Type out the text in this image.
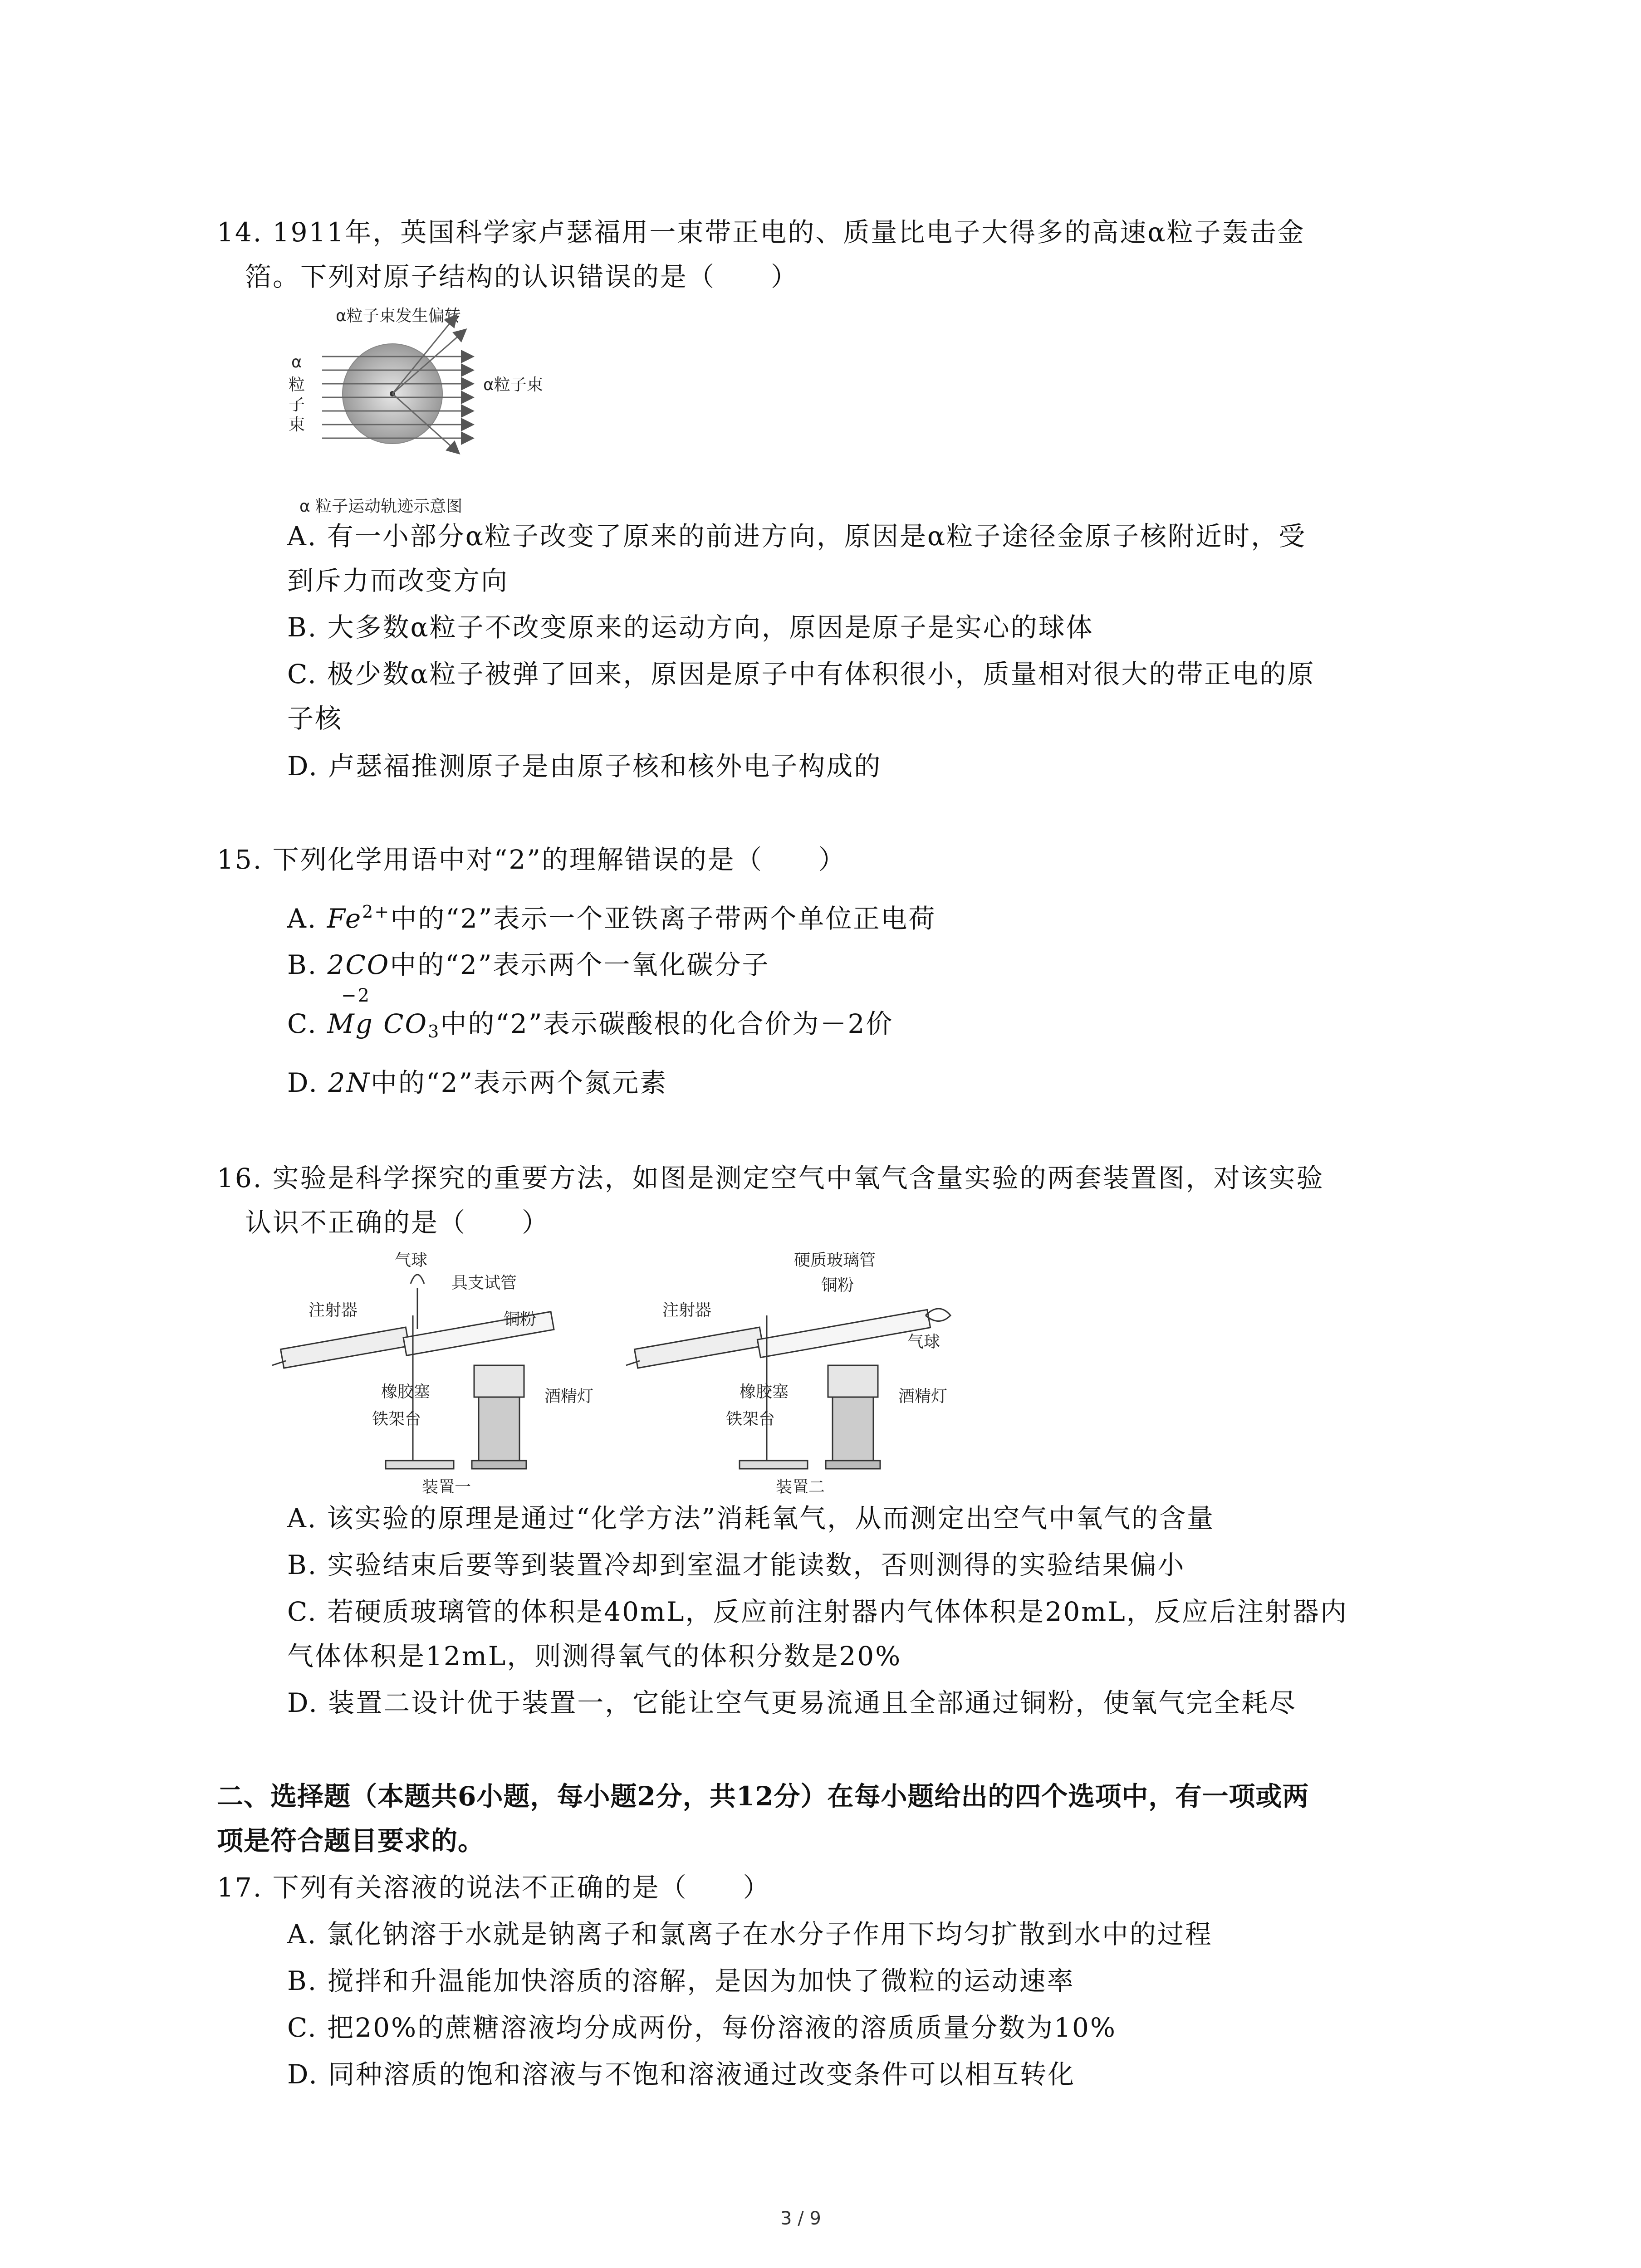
14. 1911年，英国科学家卢瑟福用一束带正电的、质量比电子大得多的高速α粒子轰击金
箔。下列对原子结构的认识错误的是（　　）
α粒子束发生偏转
α
粒
子
束
α粒子束
α 粒子运动轨迹示意图
A. 有一小部分α粒子改变了原来的前进方向，原因是α粒子途径金原子核附近时，受
到斥力而改变方向
B. 大多数α粒子不改变原来的运动方向，原因是原子是实心的球体
C. 极少数α粒子被弹了回来，原因是原子中有体积很小，质量相对很大的带正电的原
子核
D. 卢瑟福推测原子是由原子核和核外电子构成的
15. 下列化学用语中对“2”的理解错误的是（　　）
A. $Fe^{2+}$中的“2”表示一个亚铁离子带两个单位正电荷
B. 2CO中的“2”表示两个一氧化碳分子
−2
C. Mg $CO_3$中的“2”表示碳酸根的化合价为－2价
D. 2N中的“2”表示两个氮元素
16. 实验是科学探究的重要方法，如图是测定空气中氧气含量实验的两套装置图，对该实验
认识不正确的是（　　）
气球
具支试管
注射器	铜粉
橡胶塞	酒精灯
铁架台
装置一
硬质玻璃管
铜粉
注射器
气球
橡胶塞	酒精灯
铁架台
装置二
A. 该实验的原理是通过“化学方法”消耗氧气，从而测定出空气中氧气的含量
B. 实验结束后要等到装置冷却到室温才能读数，否则测得的实验结果偏小
C. 若硬质玻璃管的体积是40mL，反应前注射器内气体体积是20mL，反应后注射器内
气体体积是12mL，则测得氧气的体积分数是20%
D. 装置二设计优于装置一，它能让空气更易流通且全部通过铜粉，使氧气完全耗尽
二、选择题（本题共6小题，每小题2分，共12分）在每小题给出的四个选项中，有一项或两
项是符合题目要求的。
17. 下列有关溶液的说法不正确的是（　　）
A. 氯化钠溶于水就是钠离子和氯离子在水分子作用下均匀扩散到水中的过程
B. 搅拌和升温能加快溶质的溶解，是因为加快了微粒的运动速率
C. 把20%的蔗糖溶液均分成两份，每份溶液的溶质质量分数为10%
D. 同种溶质的饱和溶液与不饱和溶液通过改变条件可以相互转化
3 / 9
